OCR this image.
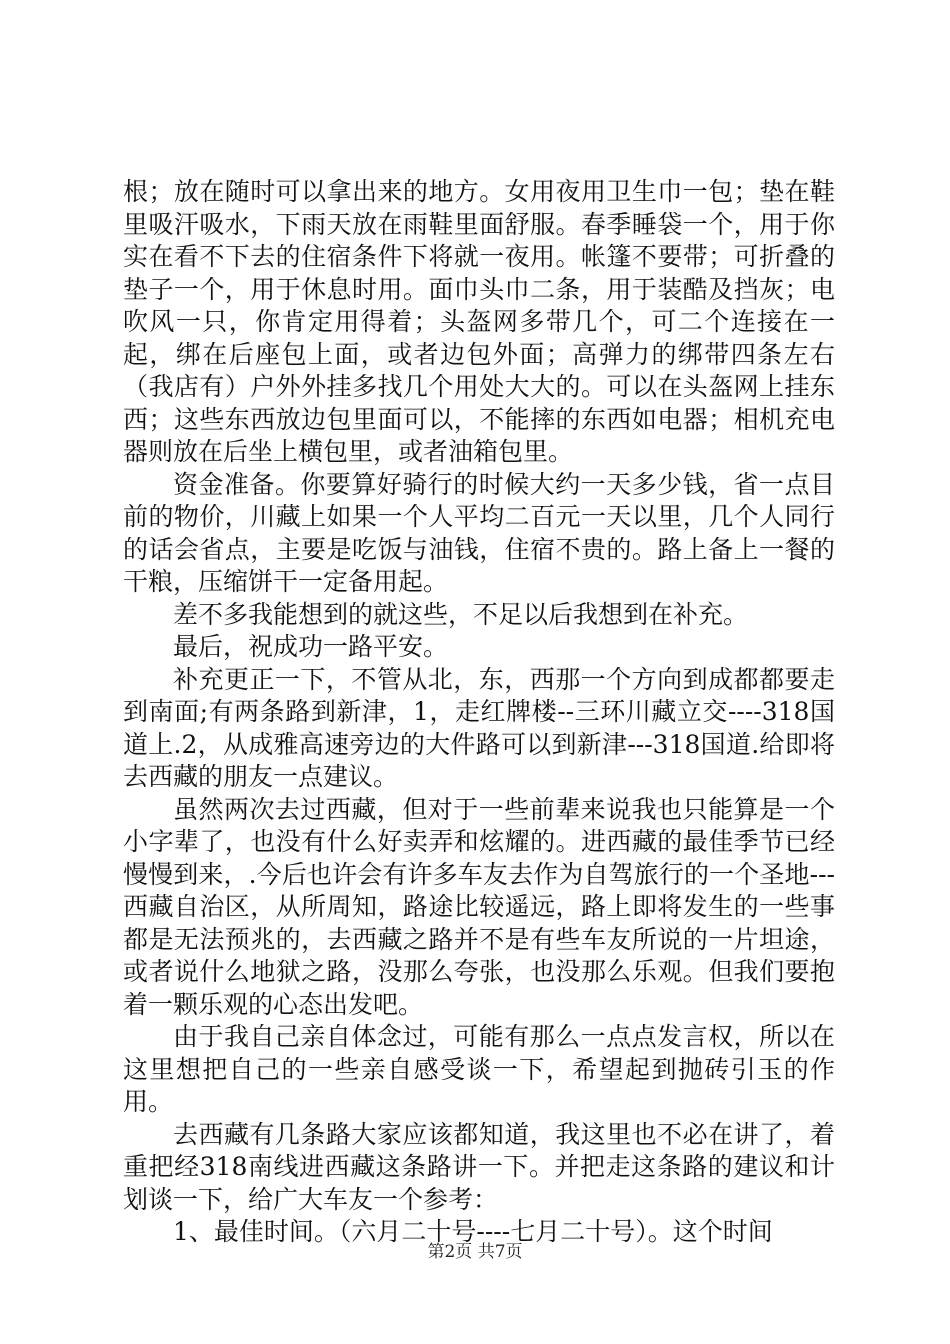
根；放在随时可以拿出来的地方。女用夜用卫生巾一包；垫在鞋里吸汗吸水，下雨天放在雨鞋里面舒服。春季睡袋一个，用于你实在看不下去的住宿条件下将就一夜用。帐篷不要带；可折叠的垫子一个，用于休息时用。面巾头巾二条，用于装酷及挡灰；电吹风一只，你肯定用得着；头盔网多带几个，可二个连接在一起，绑在后座包上面，或者边包外面；高弹力的绑带四条左右（我店有）户外外挂多找几个用处大大的。可以在头盔网上挂东西；这些东西放边包里面可以，不能摔的东西如电器；相机充电器则放在后坐上横包里，或者油箱包里。

资金准备。你要算好骑行的时候大约一天多少钱，省一点目前的物价，川藏上如果一个人平均二百元一天以里，几个人同行的话会省点，主要是吃饭与油钱，住宿不贵的。路上备上一餐的干粮，压缩饼干一定备用起。

差不多我能想到的就这些，不足以后我想到在补充。

最后，祝成功一路平安。

补充更正一下，不管从北，东，西那一个方向到成都都要走到南面;有两条路到新津，1，走红牌楼--三环川藏立交----318国道上.2，从成雅高速旁边的大件路可以到新津---318国道.给即将去西藏的朋友一点建议。

虽然两次去过西藏，但对于一些前辈来说我也只能算是一个小字辈了，也没有什么好卖弄和炫耀的。进西藏的最佳季节已经慢慢到来，.今后也许会有许多车友去作为自驾旅行的一个圣地---西藏自治区，从所周知，路途比较遥远，路上即将发生的一些事都是无法预兆的，去西藏之路并不是有些车友所说的一片坦途，或者说什么地狱之路，没那么夸张，也没那么乐观。但我们要抱着一颗乐观的心态出发吧。

由于我自己亲自体念过，可能有那么一点点发言权，所以在这里想把自己的一些亲自感受谈一下，希望起到抛砖引玉的作用。

去西藏有几条路大家应该都知道，我这里也不必在讲了，着重把经318南线进西藏这条路讲一下。并把走这条路的建议和计划谈一下，给广大车友一个参考：

1、最佳时间。（六月二十号----七月二十号）。这个时间

第2页 共7页
